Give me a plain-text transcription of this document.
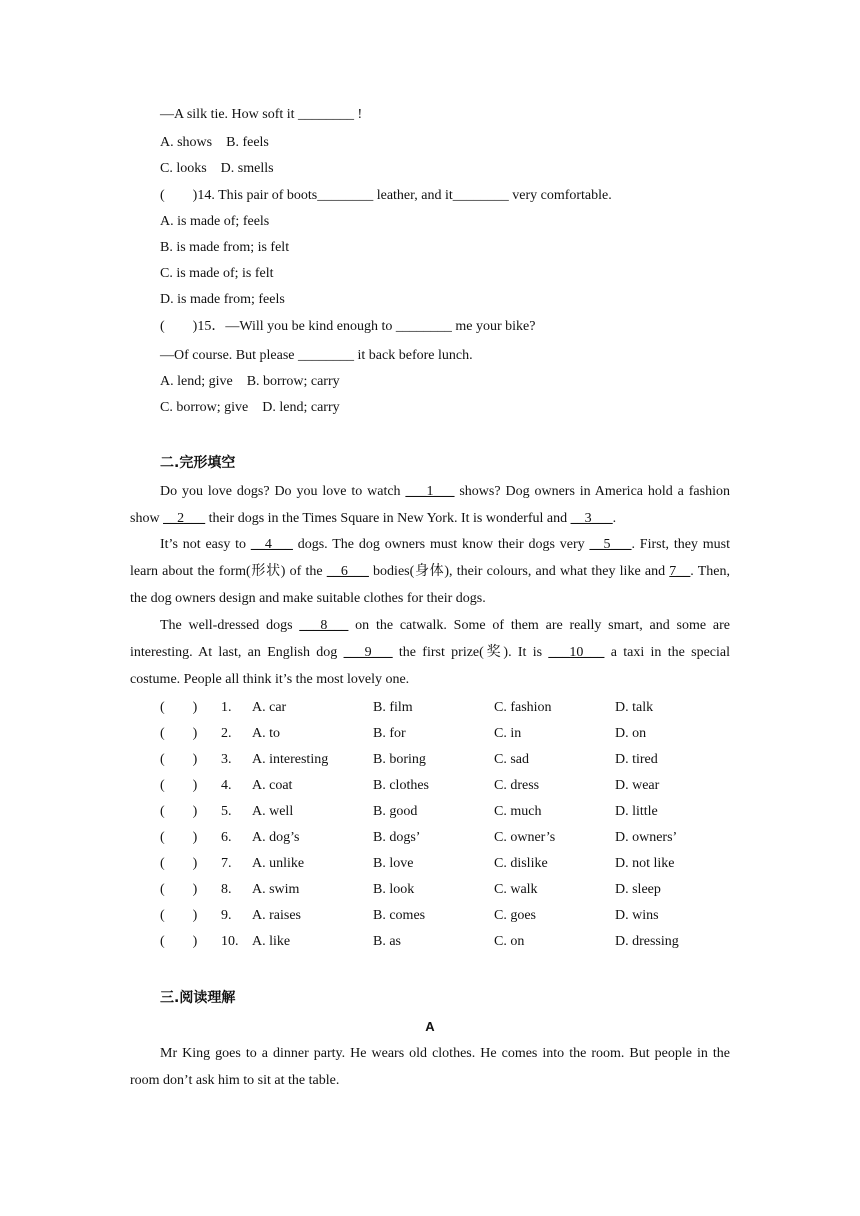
—A silk tie. How soft it ________ !
A. shows    B. feels
C. looks    D. smells
(        )14. This pair of boots________ leather, and it________ very comfortable.
A. is made of; feels
B. is made from; is felt
C. is made of; is felt
D. is made from; feels
(        )15．—Will you be kind enough to ________ me your bike?
—Of course. But please ________ it back before lunch.
A. lend; give    B. borrow; carry
C. borrow; give    D. lend; carry
二.完形填空
Do you love dogs? Do you love to watch ___1___ shows? Dog owners in America hold a fashion show __2___ their dogs in the Times Square in New York. It is wonderful and __3___.
It’s not easy to __4___ dogs. The dog owners must know their dogs very __5___. First, they must learn about the form(形状) of the __6___ bodies(身体), their colours, and what they like and 7__. Then, the dog owners design and make suitable clothes for their dogs.
The well-dressed dogs ___8___ on the catwalk. Some of them are really smart, and some are interesting. At last, an English dog ___9___ the first prize(奖). It is ___10___ a taxi in the special costume. People all think it’s the most lovely one.
(        ) 1. A. car	B. film	C. fashion	D. talk
(        ) 2. A. to	B. for	C. in	D. on
(        ) 3. A. interesting	B. boring	C. sad	D. tired
(        ) 4. A. coat	B. clothes	C. dress	D. wear
(        ) 5. A. well	B. good	C. much	D. little
(        ) 6. A. dog’s	B. dogs’	C. owner’s	D. owners’
(        ) 7. A. unlike	B. love	C. dislike	D. not like
(        ) 8. A. swim	B. look	C. walk	D. sleep
(        ) 9. A. raises	B. comes	C. goes	D. wins
(        ) 10. A. like	B. as	C. on	D. dressing
三.阅读理解
A
Mr King goes to a dinner party. He wears old clothes. He comes into the room. But people in the room don’t ask him to sit at the table.
